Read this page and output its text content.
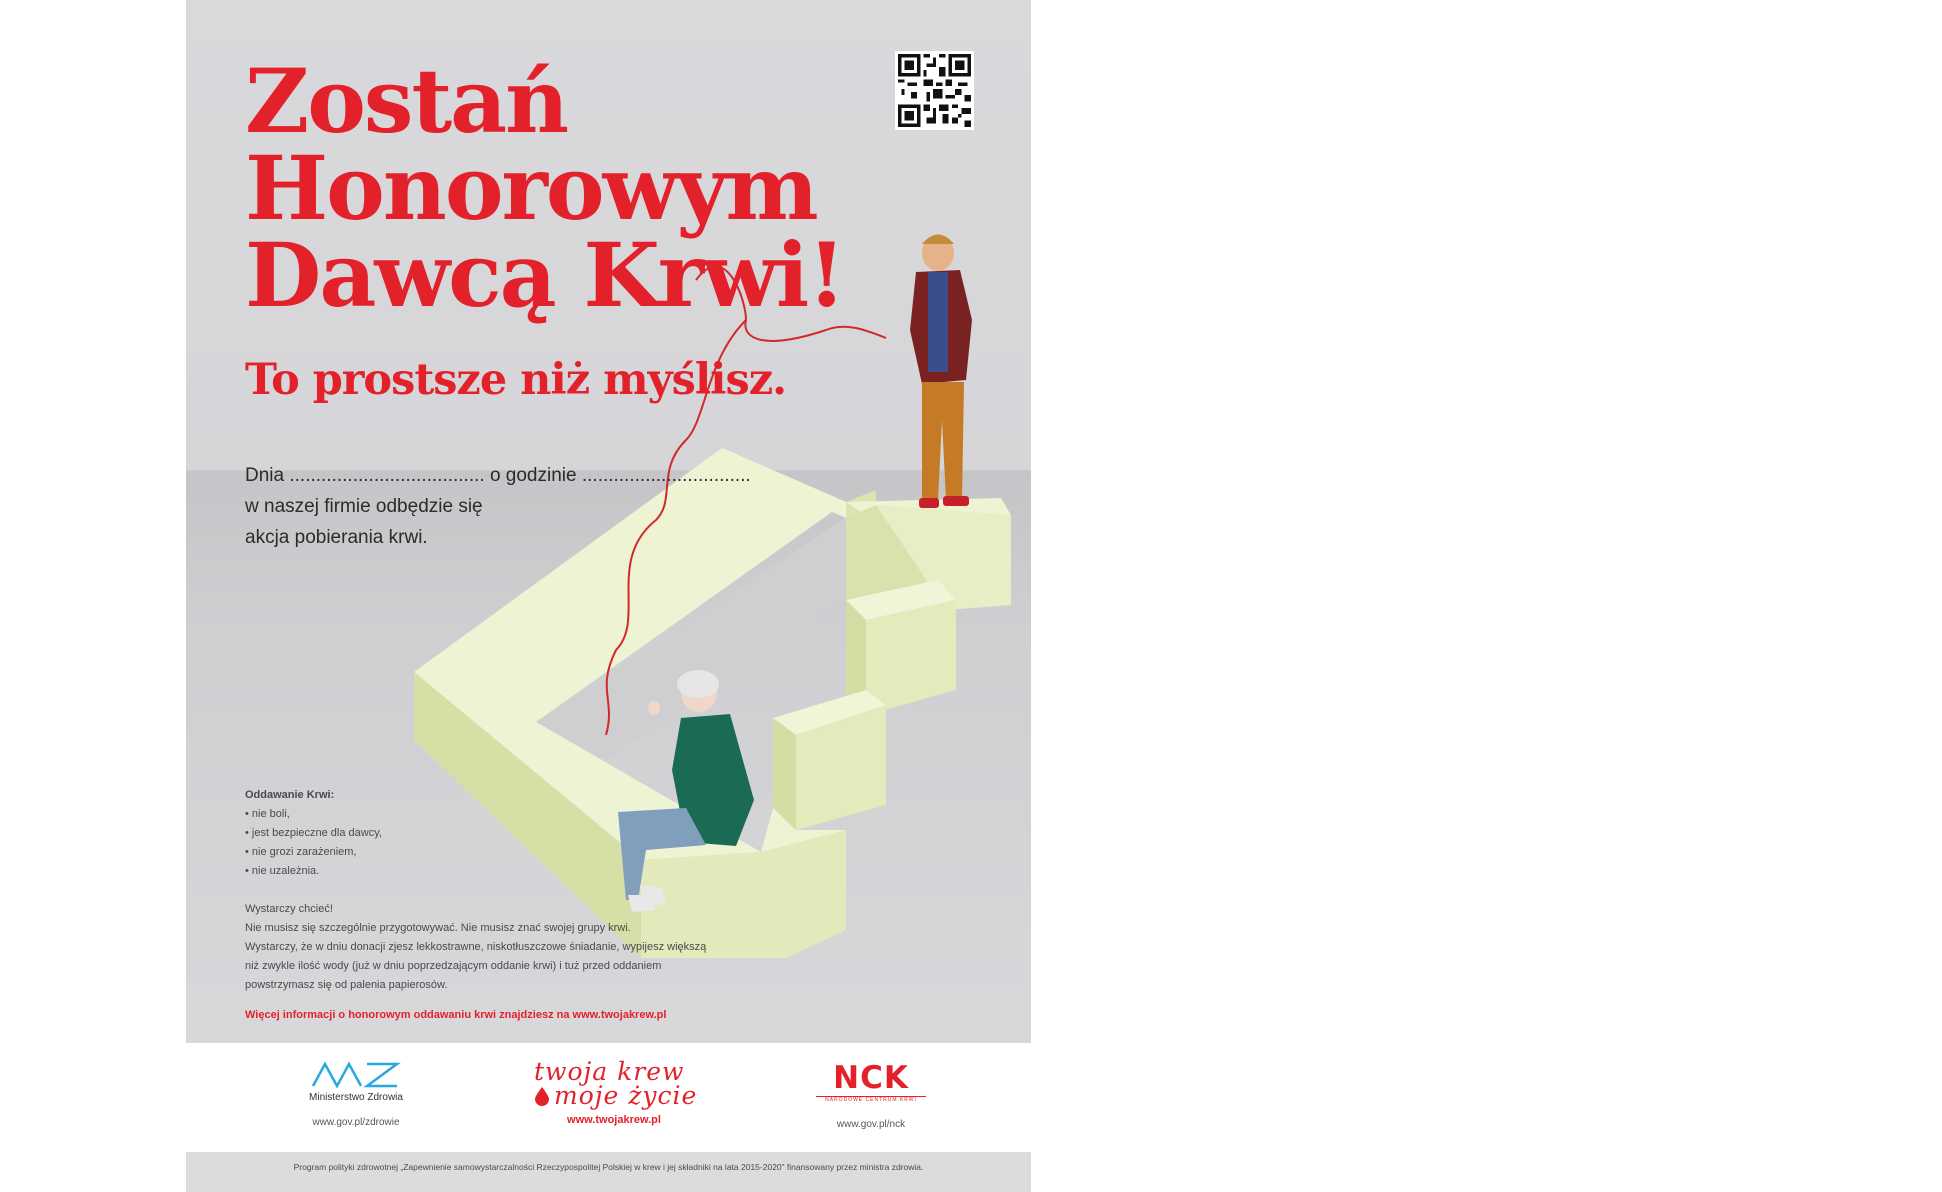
Zostań
Honorowym
Dawcą Krwi!
To prostsze niż myślisz.
Dnia ..................................... o godzinie ................................
w naszej firmie odbędzie się
akcja pobierania krwi.
Oddawanie Krwi:
• nie boli,
• jest bezpieczne dla dawcy,
• nie grozi zarażeniem,
• nie uzależnia.
Wystarczy chcieć!
Nie musisz się szczególnie przygotowywać. Nie musisz znać swojej grupy krwi.
Wystarczy, że w dniu donacji zjesz lekkostrawne, niskotłuszczowe śniadanie, wypijesz większą
niż zwykle ilość wody (już w dniu poprzedzającym oddanie krwi) i tuż przed oddaniem
powstrzymasz się od palenia papierosów.
Więcej informacji o honorowym oddawaniu krwi znajdziesz na www.twojakrew.pl
Ministerstwo Zdrowia
www.gov.pl/zdrowie
twoja krew
moje życie
www.twojakrew.pl
NCK
NARODOWE CENTRUM KRWI
www.gov.pl/nck
Program polityki zdrowotnej „Zapewnienie samowystarczalności Rzeczypospolitej Polskiej w krew i jej składniki na lata 2015-2020” finansowany przez ministra zdrowia.
